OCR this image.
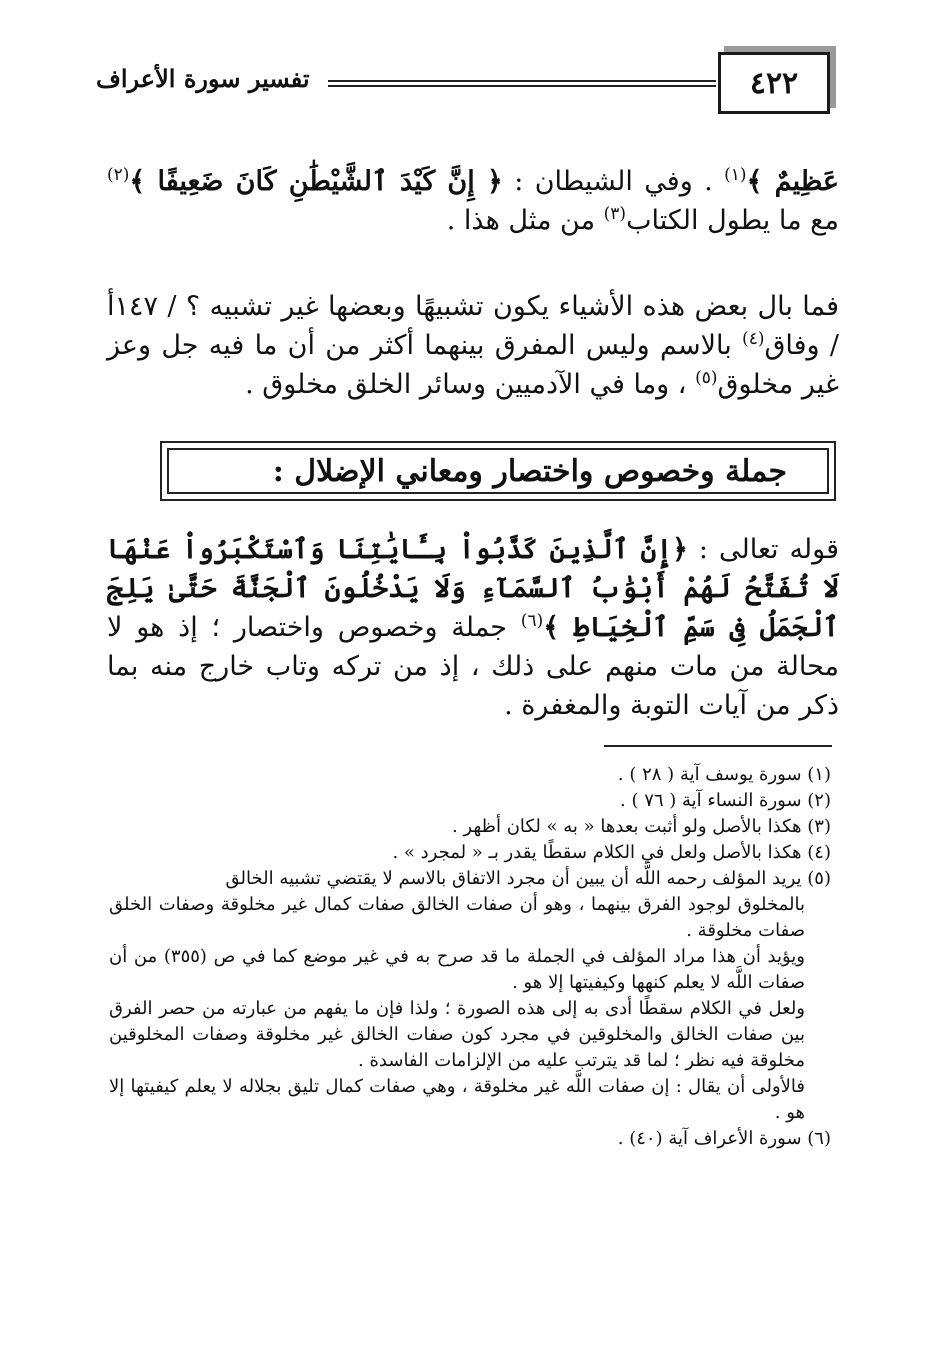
٤٢٢
تفسير سورة الأعراف
عَظِيمٌ ﴾$^{(١)}$ . وفي الشيطان : ﴿ إِنَّ كَيْدَ ٱلشَّيْطَٰنِ كَانَ ضَعِيفًا ﴾$^{(٢)}$ مع ما يطول الكتاب$^{(٣)}$ من مثل هذا .
فما بال بعض هذه الأشياء يكون تشبيهًا وبعضها غير تشبيه ؟ / ١٤٧أ / وفاق$^{(٤)}$ بالاسم وليس المفرق بينهما أكثر من أن ما فيه جل وعز غير مخلوق$^{(٥)}$ ، وما في الآدميين وسائر الخلق مخلوق .
جملة وخصوص واختصار ومعاني الإضلال :
قوله تعالى : ﴿إِنَّ ٱلَّذِينَ كَذَّبُواْ بِـَٔايَٰتِنَا وَٱسْتَكْبَرُواْ عَنْهَا لَا تُفَتَّحُ لَهُمْ أَبْوَٰبُ ٱلسَّمَآءِ وَلَا يَدْخُلُونَ ٱلْجَنَّةَ حَتَّىٰ يَلِجَ ٱلْجَمَلُ فِى سَمِّ ٱلْخِيَاطِ ﴾$^{(٦)}$ جملة وخصوص واختصار ؛ إذ هو لا محالة من مات منهم على ذلك ، إذ من تركه وتاب خارج منه بما ذكر من آيات التوبة والمغفرة .
(١) سورة يوسف آية ( ٢٨ ) .
(٢) سورة النساء آية ( ٧٦ ) .
(٣) هكذا بالأصل ولو أثبت بعدها « به » لكان أظهر .
(٤) هكذا بالأصل ولعل في الكلام سقطًا يقدر بـ « لمجرد » .
(٥) يريد المؤلف رحمه اللَّه أن يبين أن مجرد الاتفاق بالاسم لا يقتضي تشبيه الخالق
بالمخلوق لوجود الفرق بينهما ، وهو أن صفات الخالق صفات كمال غير مخلوقة وصفات الخلق صفات مخلوقة .
ويؤيد أن هذا مراد المؤلف في الجملة ما قد صرح به في غير موضع كما في ص (٣٥٥) من أن صفات اللَّه لا يعلم كنهها وكيفيتها إلا هو .
ولعل في الكلام سقطًا أدى به إلى هذه الصورة ؛ ولذا فإن ما يفهم من عبارته من حصر الفرق بين صفات الخالق والمخلوقين في مجرد كون صفات الخالق غير مخلوقة وصفات المخلوقين مخلوقة فيه نظر ؛ لما قد يترتب عليه من الإلزامات الفاسدة .
فالأولى أن يقال : إن صفات اللَّه غير مخلوقة ، وهي صفات كمال تليق بجلاله لا يعلم كيفيتها إلا هو .
(٦) سورة الأعراف آية (٤٠) .
